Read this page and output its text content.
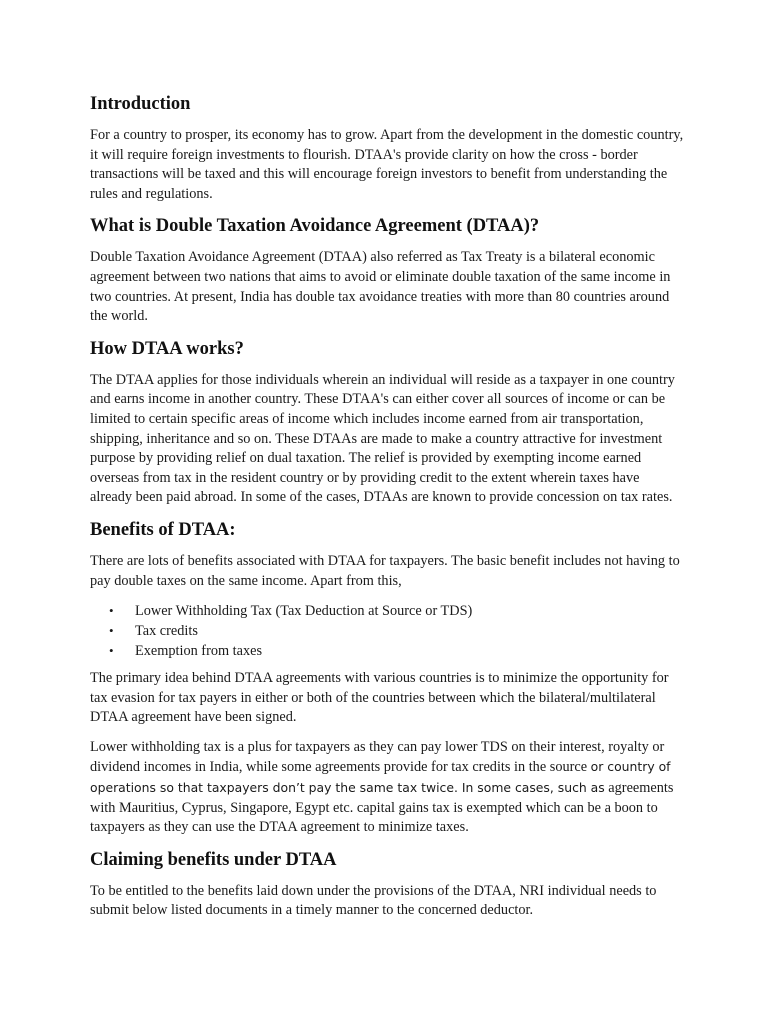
Introduction

For a country to prosper, its economy has to grow. Apart from the development in the domestic country, it will require foreign investments to flourish. DTAA's provide clarity on how the cross - border transactions will be taxed and this will encourage foreign investors to benefit from understanding the rules and regulations.

What is Double Taxation Avoidance Agreement (DTAA)?

Double Taxation Avoidance Agreement (DTAA) also referred as Tax Treaty is a bilateral economic agreement between two nations that aims to avoid or eliminate double taxation of the same income in two countries. At present, India has double tax avoidance treaties with more than 80 countries around the world.

How DTAA works?

The DTAA applies for those individuals wherein an individual will reside as a taxpayer in one country and earns income in another country. These DTAA's can either cover all sources of income or can be limited to certain specific areas of income which includes income earned from air transportation, shipping, inheritance and so on. These DTAAs are made to make a country attractive for investment purpose by providing relief on dual taxation. The relief is provided by exempting income earned overseas from tax in the resident country or by providing credit to the extent wherein taxes have already been paid abroad. In some of the cases, DTAAs are known to provide concession on tax rates.

Benefits of DTAA:

There are lots of benefits associated with DTAA for taxpayers. The basic benefit includes not having to pay double taxes on the same income. Apart from this,

• Lower Withholding Tax (Tax Deduction at Source or TDS)
• Tax credits
• Exemption from taxes

The primary idea behind DTAA agreements with various countries is to minimize the opportunity for tax evasion for tax payers in either or both of the countries between which the bilateral/multilateral DTAA agreement have been signed.

Lower withholding tax is a plus for taxpayers as they can pay lower TDS on their interest, royalty or dividend incomes in India, while some agreements provide for tax credits in the source or country of operations so that taxpayers don’t pay the same tax twice. In some cases, such as agreements with Mauritius, Cyprus, Singapore, Egypt etc. capital gains tax is exempted which can be a boon to taxpayers as they can use the DTAA agreement to minimize taxes.

Claiming benefits under DTAA

To be entitled to the benefits laid down under the provisions of the DTAA, NRI individual needs to submit below listed documents in a timely manner to the concerned deductor.
